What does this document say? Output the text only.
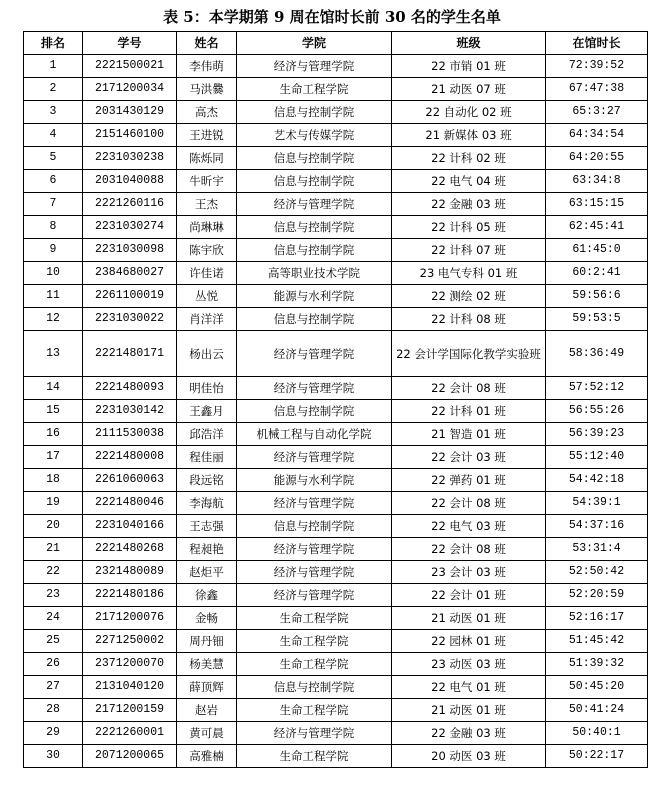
表 5：本学期第 9 周在馆时长前 30 名的学生名单
排名	学号	姓名	学院	班级	在馆时长
1	2221500021	李伟萌	经济与管理学院	22 市销 01 班	72:39:52
2	2171200034	马洪爨	生命工程学院	21 动医 07 班	67:47:38
3	2031430129	高杰	信息与控制学院	22 自动化 02 班	65:3:27
4	2151460100	王进锐	艺术与传媒学院	21 新媒体 03 班	64:34:54
5	2231030238	陈烁同	信息与控制学院	22 计科 02 班	64:20:55
6	2031040088	牛昕宇	信息与控制学院	22 电气 04 班	63:34:8
7	2221260116	王杰	经济与管理学院	22 金融 03 班	63:15:15
8	2231030274	尚琳琳	信息与控制学院	22 计科 05 班	62:45:41
9	2231030098	陈宇欣	信息与控制学院	22 计科 07 班	61:45:0
10	2384680027	许佳诺	高等职业技术学院	23 电气专科 01 班	60:2:41
11	2261100019	丛悦	能源与水利学院	22 测绘 02 班	59:56:6
12	2231030022	肖洋洋	信息与控制学院	22 计科 08 班	59:53:5
13	2221480171	杨出云	经济与管理学院	22 会计学国际化教学实验班	58:36:49
14	2221480093	明佳怡	经济与管理学院	22 会计 08 班	57:52:12
15	2231030142	王鑫月	信息与控制学院	22 计科 01 班	56:55:26
16	2111530038	邱浩洋	机械工程与自动化学院	21 智造 01 班	56:39:23
17	2221480008	程佳丽	经济与管理学院	22 会计 03 班	55:12:40
18	2261060063	段远铭	能源与水利学院	22 弹药 01 班	54:42:18
19	2221480046	李海航	经济与管理学院	22 会计 08 班	54:39:1
20	2231040166	王志强	信息与控制学院	22 电气 03 班	54:37:16
21	2221480268	程昶艳	经济与管理学院	22 会计 08 班	53:31:4
22	2321480089	赵炬平	经济与管理学院	23 会计 03 班	52:50:42
23	2221480186	徐鑫	经济与管理学院	22 会计 01 班	52:20:59
24	2171200076	金畅	生命工程学院	21 动医 01 班	52:16:17
25	2271250002	周丹钿	生命工程学院	22 园林 01 班	51:45:42
26	2371200070	杨美慧	生命工程学院	23 动医 03 班	51:39:32
27	2131040120	薛顶辉	信息与控制学院	22 电气 01 班	50:45:20
28	2171200159	赵岩	生命工程学院	21 动医 01 班	50:41:24
29	2221260001	黄可晨	经济与管理学院	22 金融 03 班	50:40:1
30	2071200065	高雅楠	生命工程学院	20 动医 03 班	50:22:17
